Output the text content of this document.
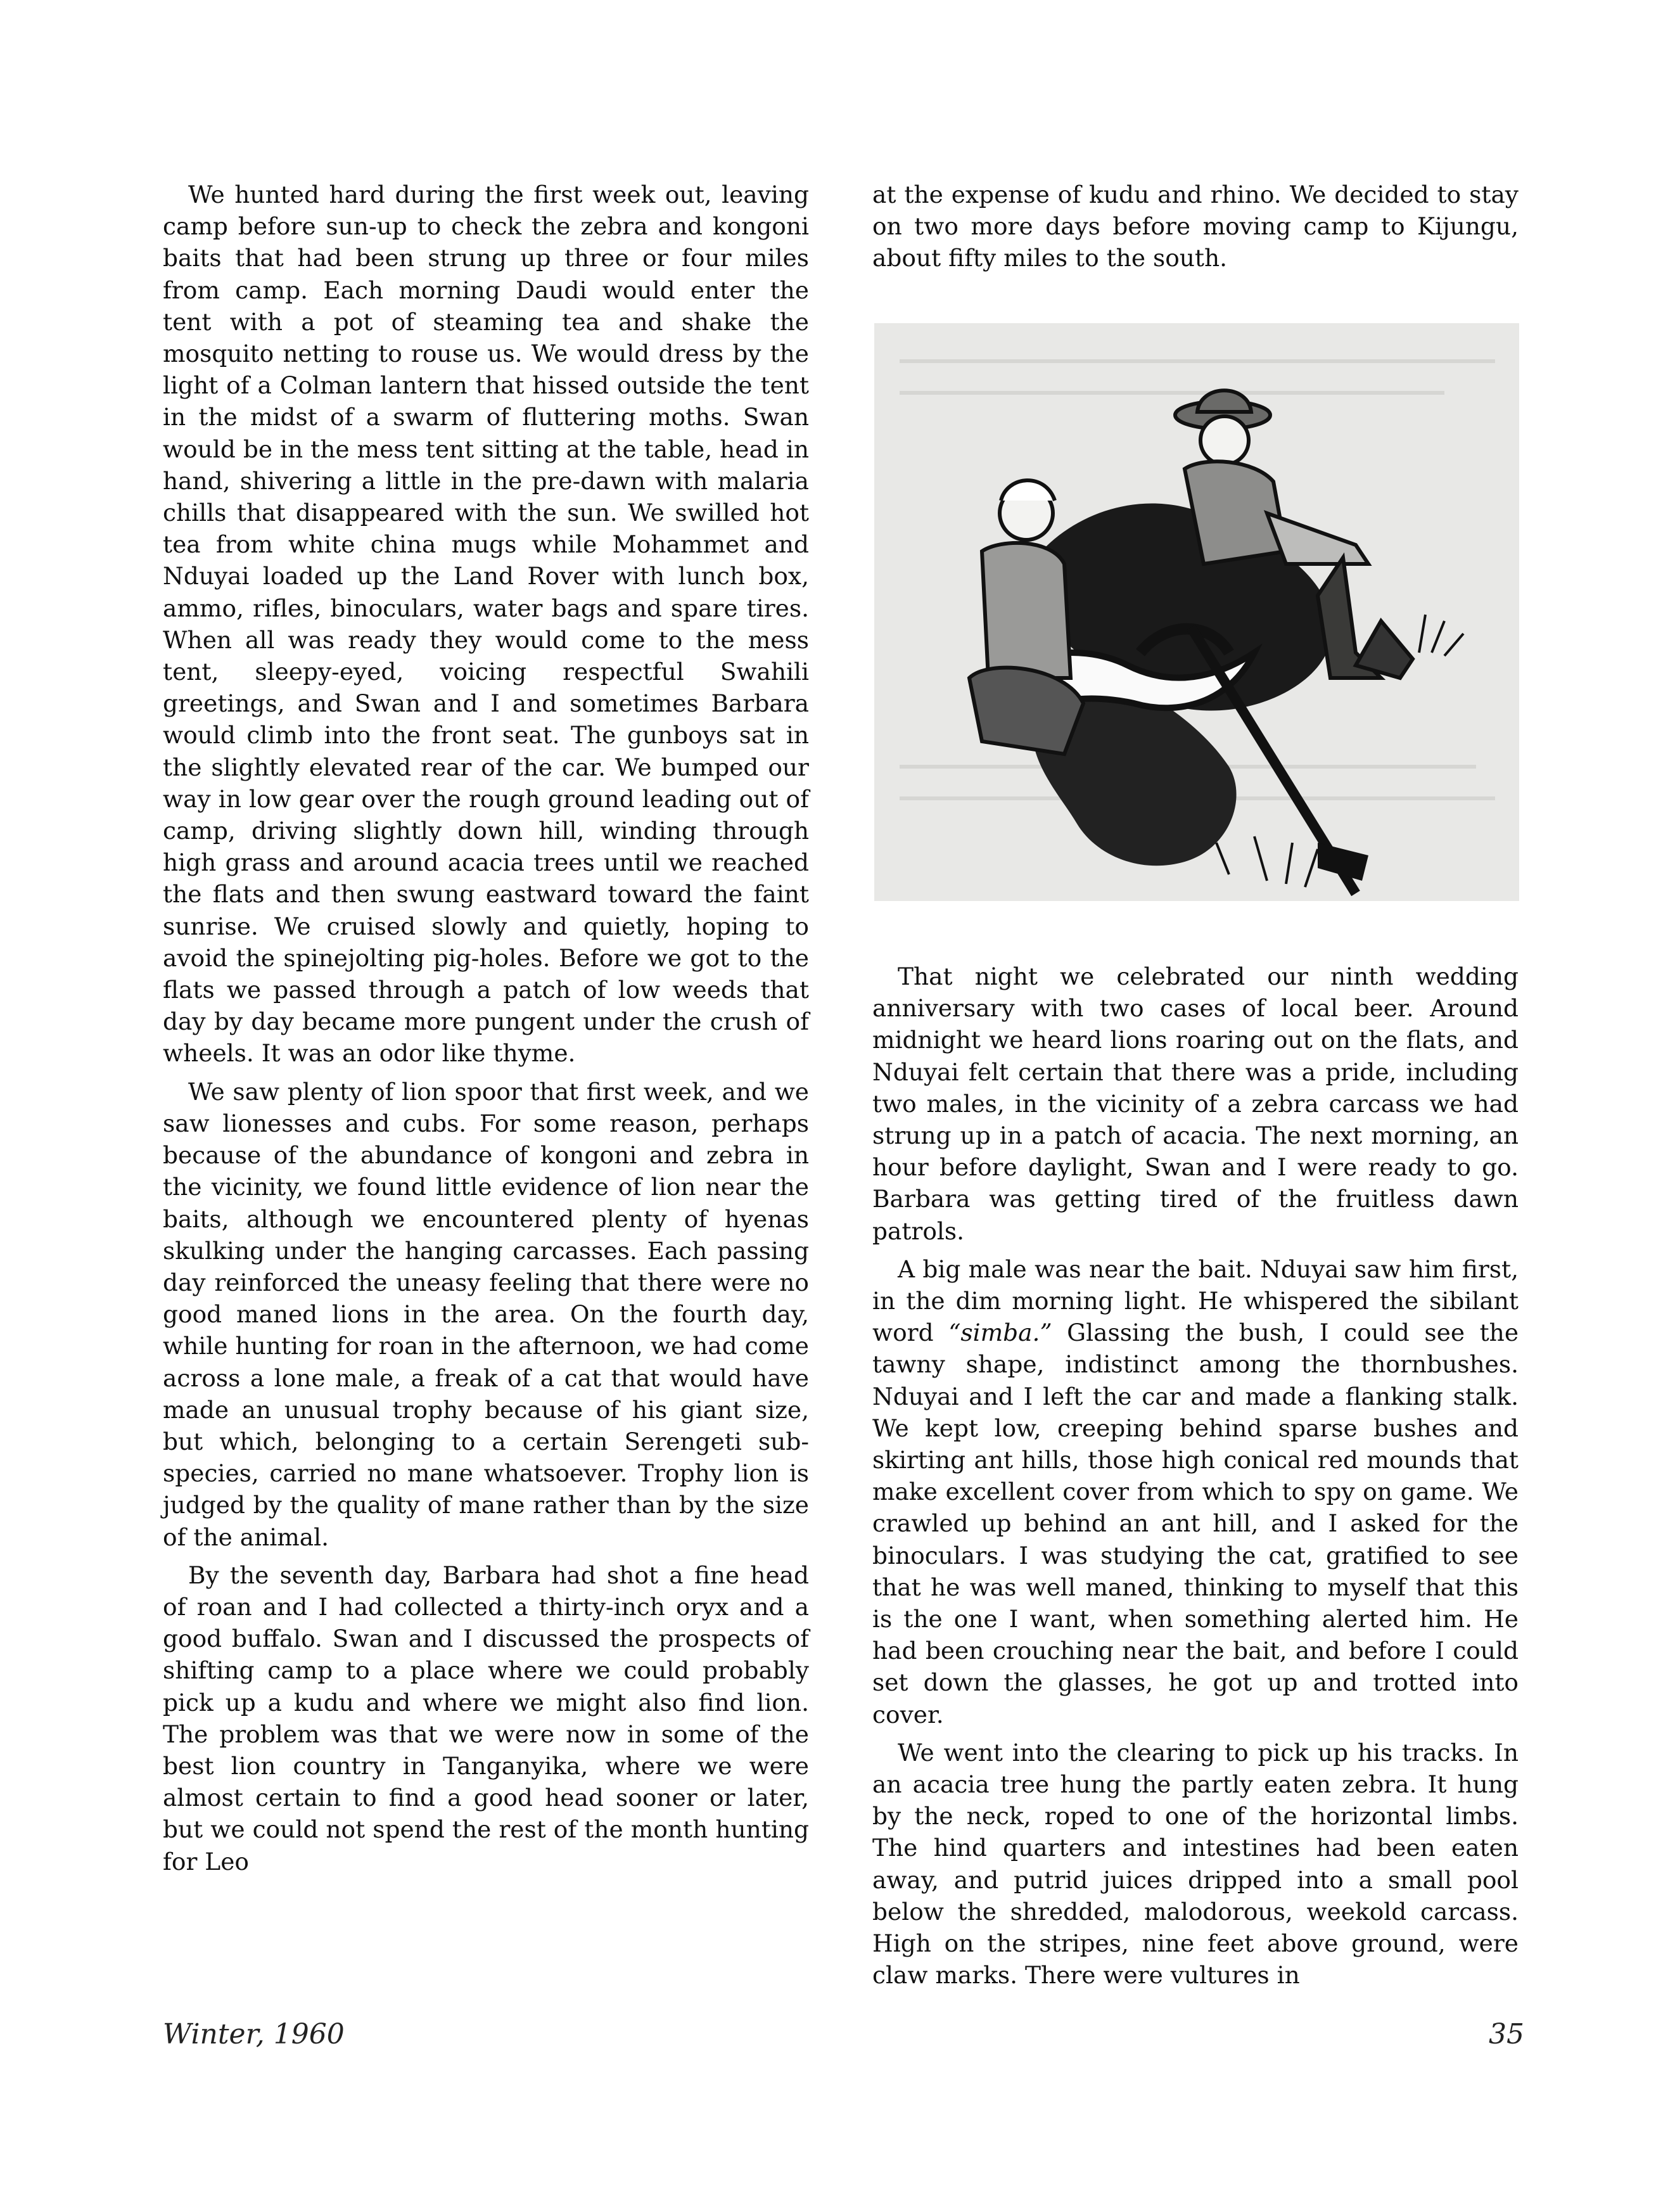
We hunted hard during the first week out, leaving camp before sun-up to check the zebra and kongoni baits that had been strung up three or four miles from camp. Each morning Daudi would enter the tent with a pot of steaming tea and shake the mosquito netting to rouse us. We would dress by the light of a Colman lantern that hissed outside the tent in the midst of a swarm of fluttering moths. Swan would be in the mess tent sitting at the table, head in hand, shivering a little in the pre-dawn with malaria chills that disappeared with the sun. We swilled hot tea from white china mugs while Mohammet and Nduyai loaded up the Land Rover with lunch box, ammo, rifles, binoculars, water bags and spare tires. When all was ready they would come to the mess tent, sleepy-eyed, voicing respectful Swahili greetings, and Swan and I and sometimes Barbara would climb into the front seat. The gunboys sat in the slightly elevated rear of the car. We bumped our way in low gear over the rough ground leading out of camp, driving slightly down hill, winding through high grass and around acacia trees until we reached the flats and then swung eastward toward the faint sunrise. We cruised slowly and quietly, hoping to avoid the spinejolting pig-holes. Before we got to the flats we passed through a patch of low weeds that day by day became more pungent under the crush of wheels. It was an odor like thyme.

We saw plenty of lion spoor that first week, and we saw lionesses and cubs. For some reason, perhaps because of the abundance of kongoni and zebra in the vicinity, we found little evidence of lion near the baits, although we encountered plenty of hyenas skulking under the hanging carcasses. Each passing day reinforced the uneasy feeling that there were no good maned lions in the area. On the fourth day, while hunting for roan in the afternoon, we had come across a lone male, a freak of a cat that would have made an unusual trophy because of his giant size, but which, belonging to a certain Serengeti subspecies, carried no mane whatsoever. Trophy lion is judged by the quality of mane rather than by the size of the animal.

By the seventh day, Barbara had shot a fine head of roan and I had collected a thirty-inch oryx and a good buffalo. Swan and I discussed the prospects of shifting camp to a place where we could probably pick up a kudu and where we might also find lion. The problem was that we were now in some of the best lion country in Tanganyika, where we were almost certain to find a good head sooner or later, but we could not spend the rest of the month hunting for Leo

at the expense of kudu and rhino. We decided to stay on two more days before moving camp to Kijungu, about fifty miles to the south.

That night we celebrated our ninth wedding anniversary with two cases of local beer. Around midnight we heard lions roaring out on the flats, and Nduyai felt certain that there was a pride, including two males, in the vicinity of a zebra carcass we had strung up in a patch of acacia. The next morning, an hour before daylight, Swan and I were ready to go. Barbara was getting tired of the fruitless dawn patrols.

A big male was near the bait. Nduyai saw him first, in the dim morning light. He whispered the sibilant word “simba.” Glassing the bush, I could see the tawny shape, indistinct among the thornbushes. Nduyai and I left the car and made a flanking stalk. We kept low, creeping behind sparse bushes and skirting ant hills, those high conical red mounds that make excellent cover from which to spy on game. We crawled up behind an ant hill, and I asked for the binoculars. I was studying the cat, gratified to see that he was well maned, thinking to myself that this is the one I want, when something alerted him. He had been crouching near the bait, and before I could set down the glasses, he got up and trotted into cover.

We went into the clearing to pick up his tracks. In an acacia tree hung the partly eaten zebra. It hung by the neck, roped to one of the horizontal limbs. The hind quarters and intestines had been eaten away, and putrid juices dripped into a small pool below the shredded, malodorous, weekold carcass. High on the stripes, nine feet above ground, were claw marks. There were vultures in

Winter, 1960	35
